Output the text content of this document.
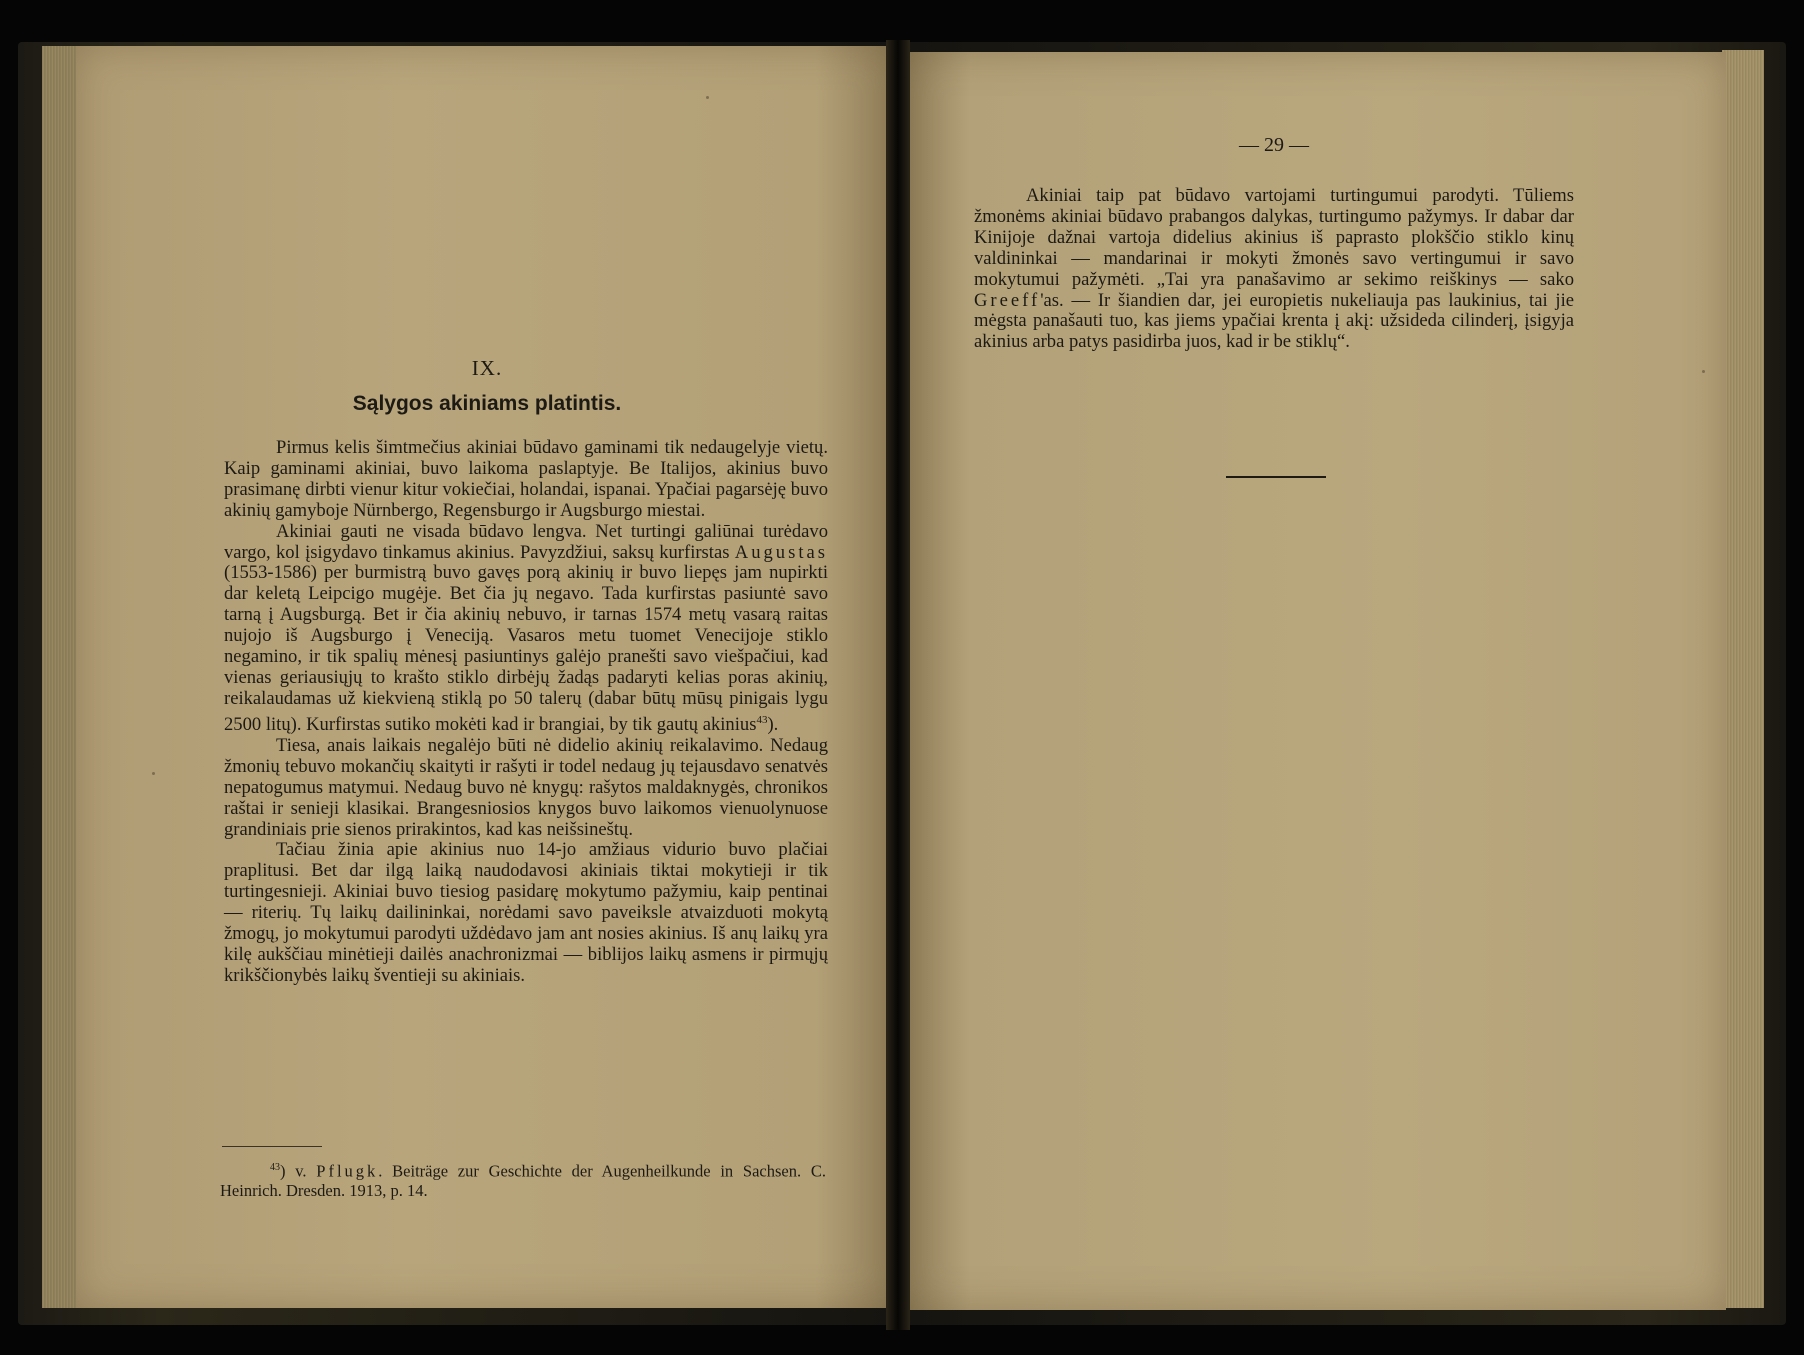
IX.
Sąlygos akiniams platintis.

Pirmus kelis šimtmečius akiniai būdavo gaminami tik nedaugelyje vietų. Kaip gaminami akiniai, buvo laikoma paslaptyje. Be Italijos, akinius buvo prasimanę dirbti vienur kitur vokiečiai, holandai, ispanai. Ypačiai pagarsėję buvo akinių gamyboje Nürnbergo, Regensburgo ir Augsburgo miestai.

Akiniai gauti ne visada būdavo lengva. Net turtingi galiūnai turėdavo vargo, kol įsigydavo tinkamus akinius. Pavyzdžiui, saksų kurfirstas Augustas (1553-1586) per burmistrą buvo gavęs porą akinių ir buvo liepęs jam nupirkti dar keletą Leipcigo mugėje. Bet čia jų negavo. Tada kurfirstas pasiuntė savo tarną į Augsburgą. Bet ir čia akinių nebuvo, ir tarnas 1574 metų vasarą raitas nujojo iš Augsburgo į Veneciją. Vasaros metu tuomet Venecijoje stiklo negamino, ir tik spalių mėnesį pasiuntinys galėjo pranešti savo viešpačiui, kad vienas geriausiųjų to krašto stiklo dirbėjų žadąs padaryti kelias poras akinių, reikalaudamas už kiekvieną stiklą po 50 talerų (dabar būtų mūsų pinigais lygu 2500 litų). Kurfirstas sutiko mokėti kad ir brangiai, by tik gautų akinius$^{43}$).

Tiesa, anais laikais negalėjo būti nė didelio akinių reikalavimo. Nedaug žmonių tebuvo mokančių skaityti ir rašyti ir todel nedaug jų tejausdavo senatvės nepatogumus matymui. Nedaug buvo nė knygų: rašytos maldaknygės, chronikos raštai ir senieji klasikai. Brangesniosios knygos buvo laikomos vienuolynuose grandiniais prie sienos prirakintos, kad kas neišsineštų.

Tačiau žinia apie akinius nuo 14-jo amžiaus vidurio buvo plačiai praplitusi. Bet dar ilgą laiką naudodavosi akiniais tiktai mokytieji ir tik turtingesnieji. Akiniai buvo tiesiog pasidarę mokytumo pažymiu, kaip pentinai — riterių. Tų laikų dailininkai, norėdami savo paveiksle atvaizduoti mokytą žmogų, jo mokytumui parodyti uždėdavo jam ant nosies akinius. Iš anų laikų yra kilę aukščiau minėtieji dailės anachronizmai — biblijos laikų asmens ir pirmųjų krikščionybės laikų šventieji su akiniais.

$^{43}$) v. Pflugk. Beiträge zur Geschichte der Augenheilkunde in Sachsen. C. Heinrich. Dresden. 1913, p. 14.

— 29 —

Akiniai taip pat būdavo vartojami turtingumui parodyti. Tūliems žmonėms akiniai būdavo prabangos dalykas, turtingumo pažymys. Ir dabar dar Kinijoje dažnai vartoja didelius akinius iš paprasto plokščio stiklo kinų valdininkai — mandarinai ir mokyti žmonės savo vertingumui ir savo mokytumui pažymėti. „Tai yra panašavimo ar sekimo reiškinys — sako Greeff'as. — Ir šiandien dar, jei europietis nukeliauja pas laukinius, tai jie mėgsta panašauti tuo, kas jiems ypačiai krenta į akį: užsideda cilinderį, įsigyja akinius arba patys pasidirba juos, kad ir be stiklų“.
